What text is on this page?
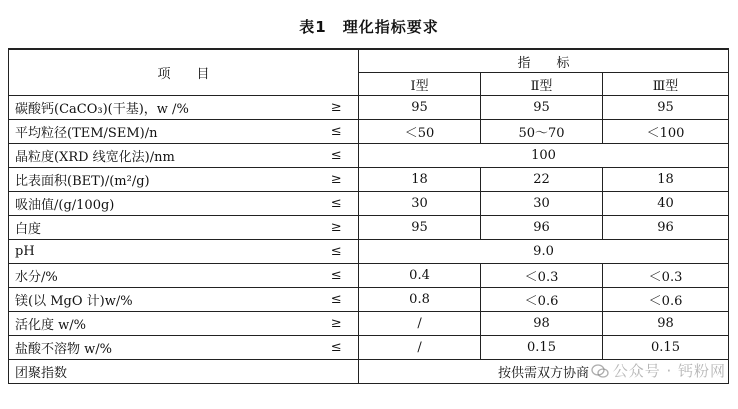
表1　理化指标要求
项　　目		指　　标		
		Ⅰ型	Ⅱ型	Ⅲ型
碳酸钙(CaCO₃)(干基)，w /%	≥	95	95	95
平均粒径(TEM/SEM)/n	≤	＜50	50～70	＜100
晶粒度(XRD 线宽化法)/nm	≤	100		
比表面积(BET)/(m²/g)	≥	18	22	18
吸油值/(g/100g)	≤	30	30	40
白度	≥	95	96	96
pH	≤	9.0		
水分/%	≤	0.4	＜0.3	＜0.3
镁(以 MgO 计)w/%	≤	0.8	＜0.6	＜0.6
活化度 w/%	≥	/	98	98
盐酸不溶物 w/%	≤	/	0.15	0.15
团聚指数		按供需双方协商			公众号 · 钙粉网
